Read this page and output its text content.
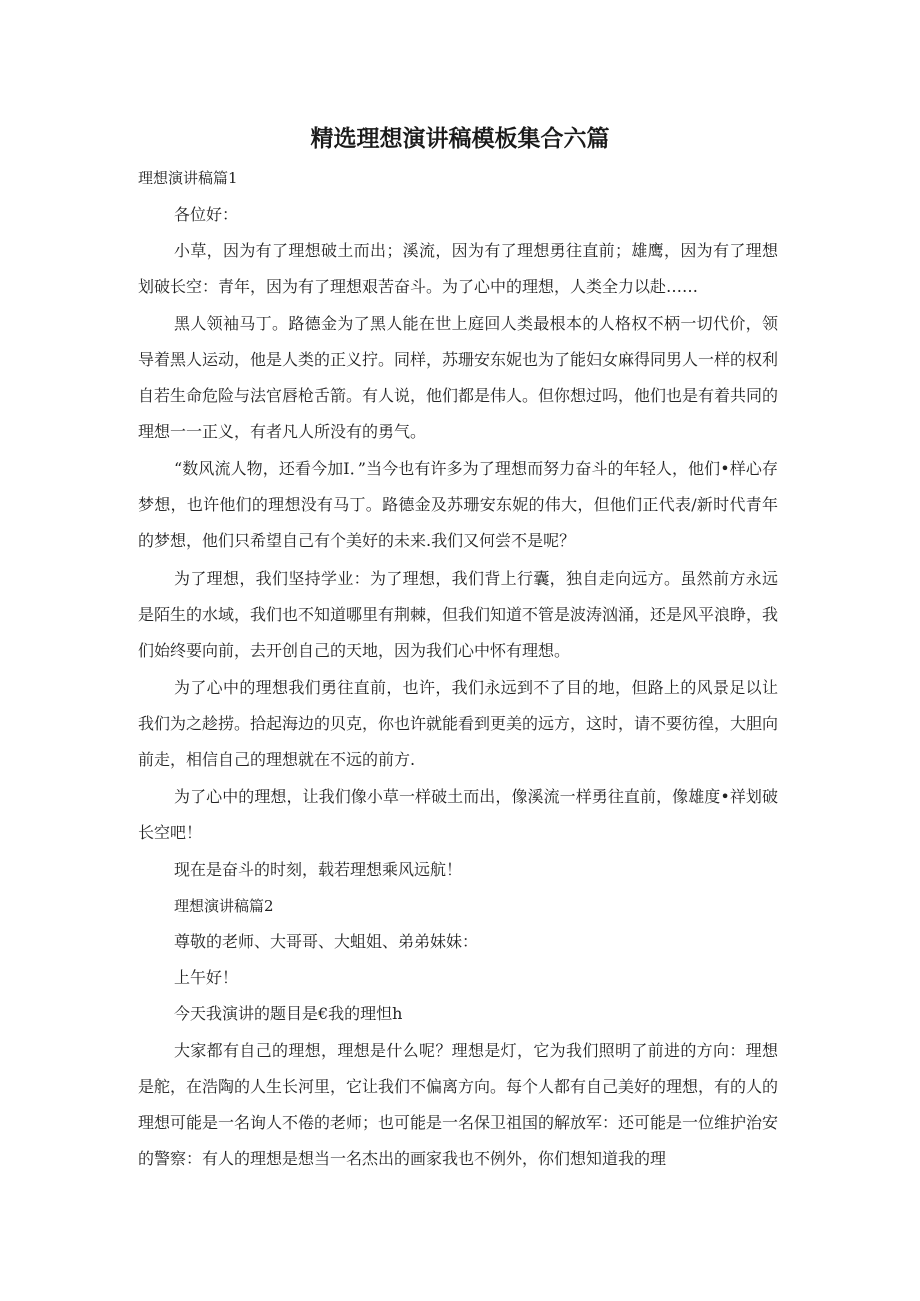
精选理想演讲稿模板集合六篇

理想演讲稿篇1

各位好：

小草，因为有了理想破土而出；溪流，因为有了理想勇往直前；雄鹰，因为有了理想划破长空：青年，因为有了理想艰苦奋斗。为了心中的理想，人类全力以赴……

黑人领袖马丁。路德金为了黑人能在世上庭回人类最根本的人格权不柄一切代价，领导着黑人运动，他是人类的正义拧。同样，苏珊安东妮也为了能妇女麻得同男人一样的权利自若生命危险与法官唇枪舌箭。有人说，他们都是伟人。但你想过吗，他们也是有着共同的理想一一正义，有者凡人所没有的勇气。

“数风流人物，还看今加I．”当今也有许多为了理想而努力奋斗的年轻人，他们•样心存梦想，也许他们的理想没有马丁。路德金及苏珊安东妮的伟大，但他们正代表/新时代青年的梦想，他们只希望自己有个美好的未来.我们又何尝不是呢？

为了理想，我们坚持学业：为了理想，我们背上行囊，独自走向远方。虽然前方永远是陌生的水域，我们也不知道哪里有荆棘，但我们知道不管是波涛汹涌，还是风平浪睁，我们始终要向前，去开创自己的天地，因为我们心中怀有理想。

为了心中的理想我们勇往直前，也许，我们永远到不了目的地，但路上的风景足以让我们为之趁捞。拾起海边的贝克，你也许就能看到更美的远方，这时，请不要彷徨，大胆向前走，相信自己的理想就在不远的前方.

为了心中的理想，让我们像小草一样破土而出，像溪流一样勇往直前，像雄度•祥划破长空吧！

现在是奋斗的时刻，载若理想乘风远航！

理想演讲稿篇2

尊敬的老师、大哥哥、大蛆姐、弟弟妹妹：

上午好！

今天我演讲的题目是€我的理怛h

大家都有自己的理想，理想是什么呢？理想是灯，它为我们照明了前进的方向：理想是舵，在浩陶的人生长河里，它让我们不偏离方向。每个人都有自己美好的理想，有的人的理想可能是一名询人不倦的老师；也可能是一名保卫祖国的解放军：还可能是一位维护治安的警察：有人的理想是想当一名杰出的画家我也不例外，你们想知道我的理
